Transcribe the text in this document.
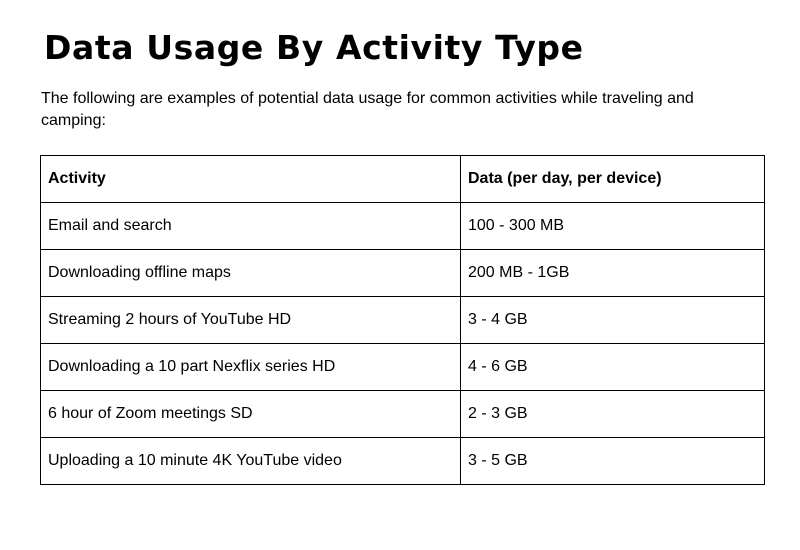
Data Usage By Activity Type

The following are examples of potential data usage for common activities while traveling and camping:

Activity	Data (per day, per device)
Email and search	100 - 300 MB
Downloading offline maps	200 MB - 1GB
Streaming 2 hours of YouTube HD	3 - 4 GB
Downloading a 10 part Nexflix series HD	4 - 6 GB
6 hour of Zoom meetings SD	2 - 3 GB
Uploading a 10 minute 4K YouTube video	3 - 5 GB
